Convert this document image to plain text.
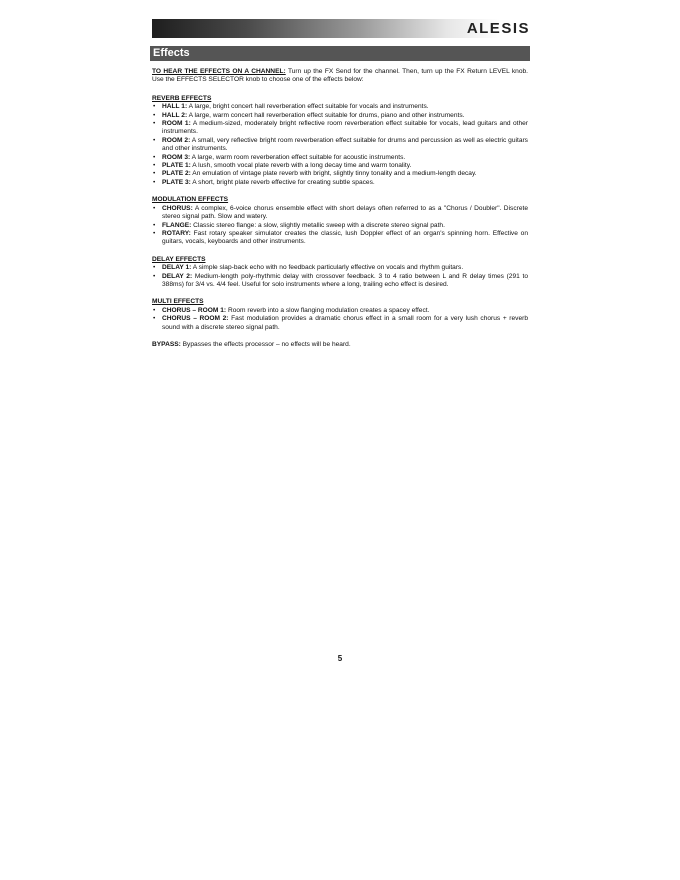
ALESIS
Effects

TO HEAR THE EFFECTS ON A CHANNEL: Turn up the FX Send for the channel. Then, turn up the FX Return LEVEL knob. Use the EFFECTS SELECTOR knob to choose one of the effects below:

REVERB EFFECTS

• HALL 1: A large, bright concert hall reverberation effect suitable for vocals and instruments.
• HALL 2: A large, warm concert hall reverberation effect suitable for drums, piano and other instruments.
• ROOM 1: A medium-sized, moderately bright reflective room reverberation effect suitable for vocals, lead guitars and other instruments.
• ROOM 2: A small, very reflective bright room reverberation effect suitable for drums and percussion as well as electric guitars and other instruments.
• ROOM 3: A large, warm room reverberation effect suitable for acoustic instruments.
• PLATE 1: A lush, smooth vocal plate reverb with a long decay time and warm tonality.
• PLATE 2: An emulation of vintage plate reverb with bright, slightly tinny tonality and a medium-length decay.
• PLATE 3: A short, bright plate reverb effective for creating subtle spaces.

MODULATION EFFECTS

• CHORUS: A complex, 6-voice chorus ensemble effect with short delays often referred to as a "Chorus / Doubler". Discrete stereo signal path. Slow and watery.
• FLANGE: Classic stereo flange: a slow, slightly metallic sweep with a discrete stereo signal path.
• ROTARY: Fast rotary speaker simulator creates the classic, lush Doppler effect of an organ's spinning horn. Effective on guitars, vocals, keyboards and other instruments.

DELAY EFFECTS

• DELAY 1: A simple slap-back echo with no feedback particularly effective on vocals and rhythm guitars.
• DELAY 2: Medium-length poly-rhythmic delay with crossover feedback. 3 to 4 ratio between L and R delay times (291 to 388ms) for 3/4 vs. 4/4 feel. Useful for solo instruments where a long, trailing echo effect is desired.

MULTI EFFECTS

• CHORUS – ROOM 1: Room reverb into a slow flanging modulation creates a spacey effect.
• CHORUS – ROOM 2: Fast modulation provides a dramatic chorus effect in a small room for a very lush chorus + reverb sound with a discrete stereo signal path.

BYPASS: Bypasses the effects processor – no effects will be heard.

5
